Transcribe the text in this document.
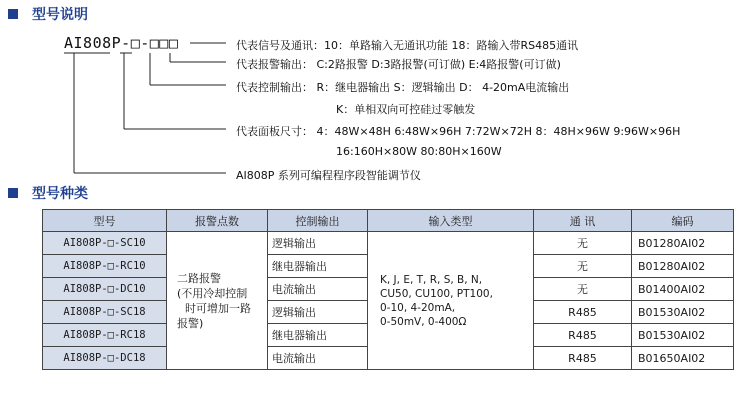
型号说明
AI808P-□-□□□	代表信号及通讯：10：单路输入无通讯功能 18：路输入带RS485通讯
代表报警输出： C:2路报警 D:3路报警(可订做) E:4路报警(可订做)
代表控制输出： R：继电器输出 S：逻辑输出 D： 4-20mA电流输出
K：单相双向可控硅过零触发
代表面板尺寸： 4：48W×48H 6:48W×96H 7:72W×72H 8：48H×96W 9:96W×96H
16:160H×80W 80:80H×160W
AI808P 系列可编程程序段智能调节仪
型号种类
型号	报警点数	控制输出	输入类型	通 讯	编码
AI808P-□-SC10	二路报警
(不用冷却控制
时可增加一路
报警)	逻辑输出	K, J, E, T, R, S, B, N,
CU50, CU100, PT100,
0-10, 4-20mA,
0-50mV, 0-400Ω	无	B01280AI02
AI808P-□-RC10		继电器输出		无	B01280AI02
AI808P-□-DC10		电流输出		无	B01400AI02
AI808P-□-SC18		逻辑输出		R485	B01530AI02
AI808P-□-RC18		继电器输出		R485	B01530AI02
AI808P-□-DC18		电流输出		R485	B01650AI02
